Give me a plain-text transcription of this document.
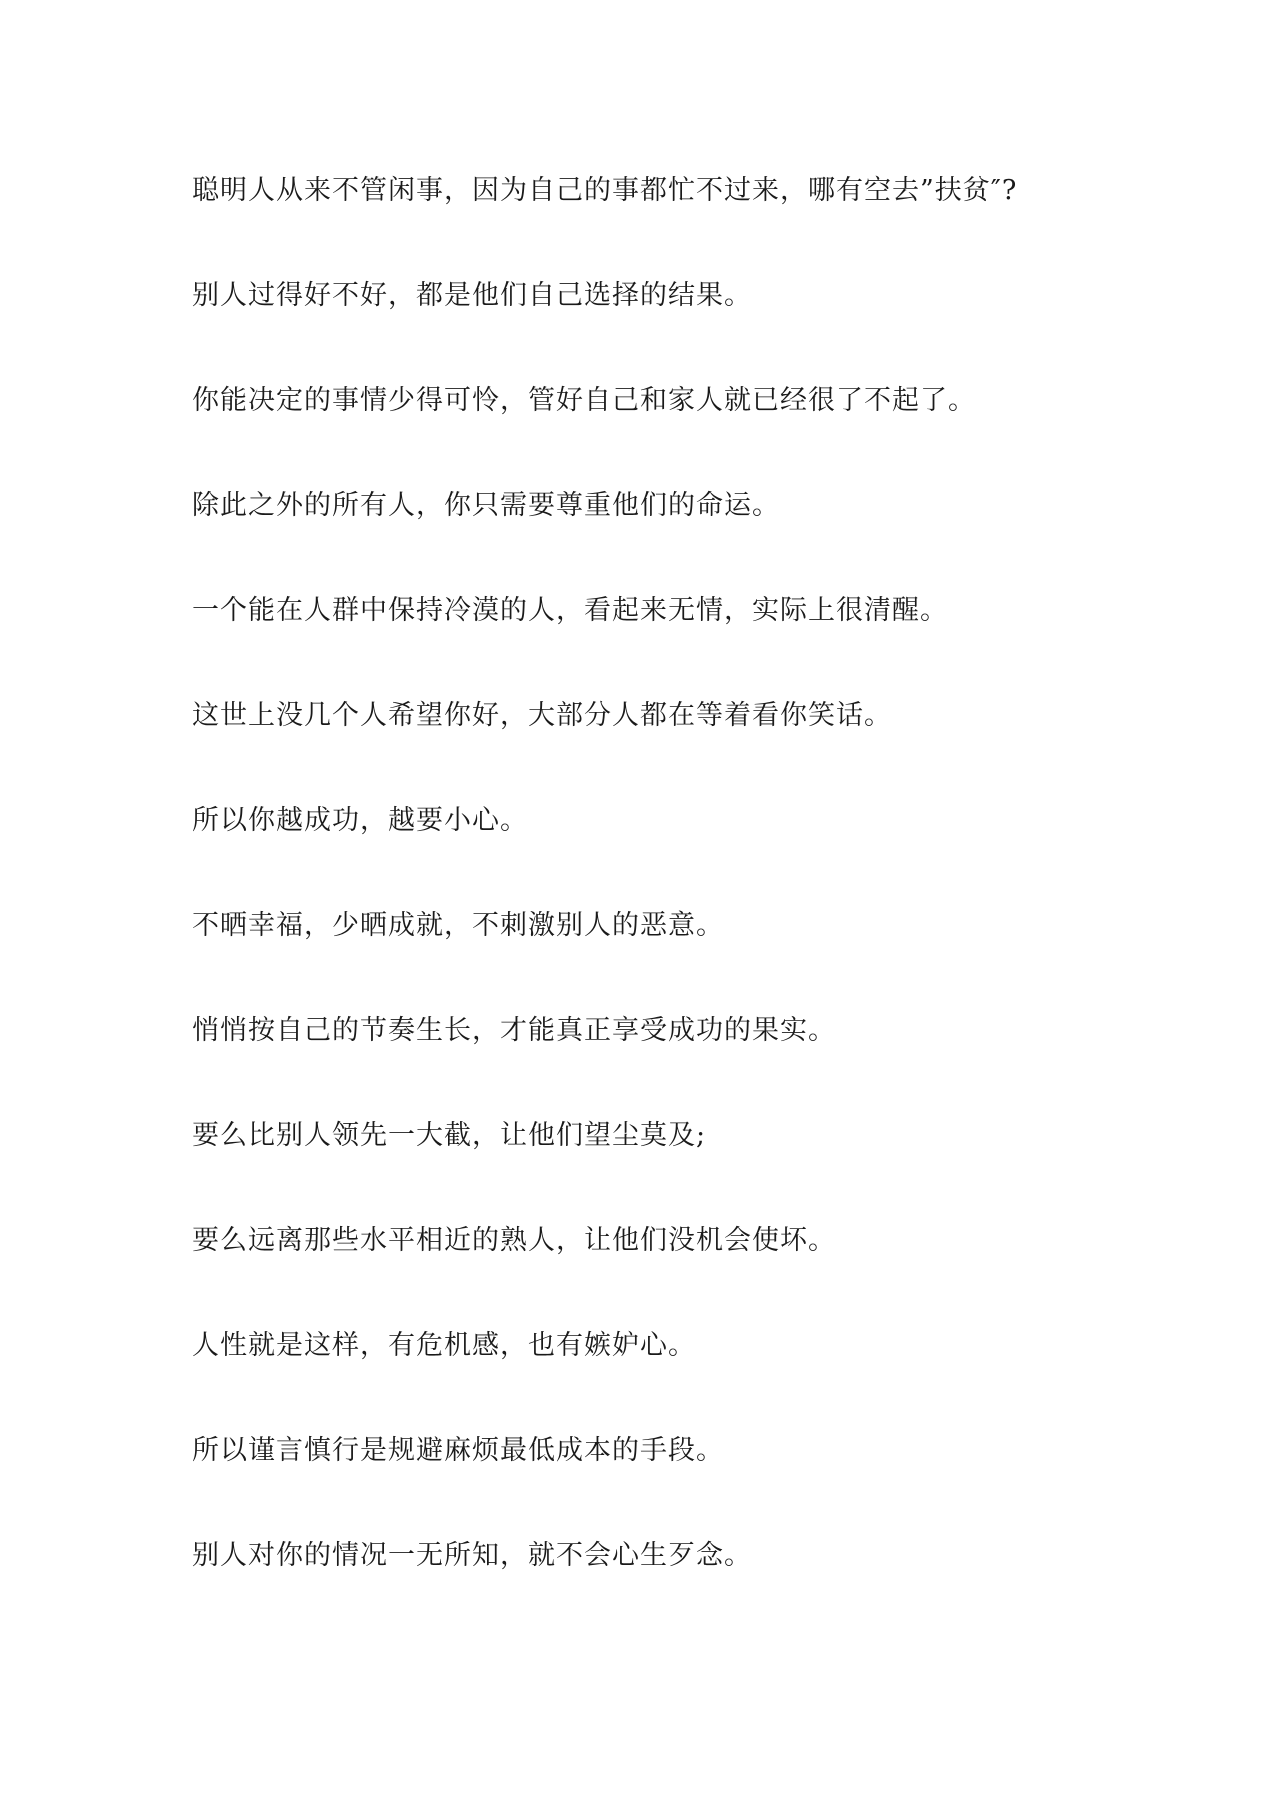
聪明人从来不管闲事，因为自己的事都忙不过来，哪有空去”扶贫″?
别人过得好不好，都是他们自己选择的结果。
你能决定的事情少得可怜，管好自己和家人就已经很了不起了。
除此之外的所有人，你只需要尊重他们的命运。
一个能在人群中保持冷漠的人，看起来无情，实际上很清醒。
这世上没几个人希望你好，大部分人都在等着看你笑话。
所以你越成功，越要小心。
不晒幸福，少晒成就，不刺激别人的恶意。
悄悄按自己的节奏生长，才能真正享受成功的果实。
要么比别人领先一大截，让他们望尘莫及;
要么远离那些水平相近的熟人，让他们没机会使坏。
人性就是这样，有危机感，也有嫉妒心。
所以谨言慎行是规避麻烦最低成本的手段。
别人对你的情况一无所知，就不会心生歹念。
